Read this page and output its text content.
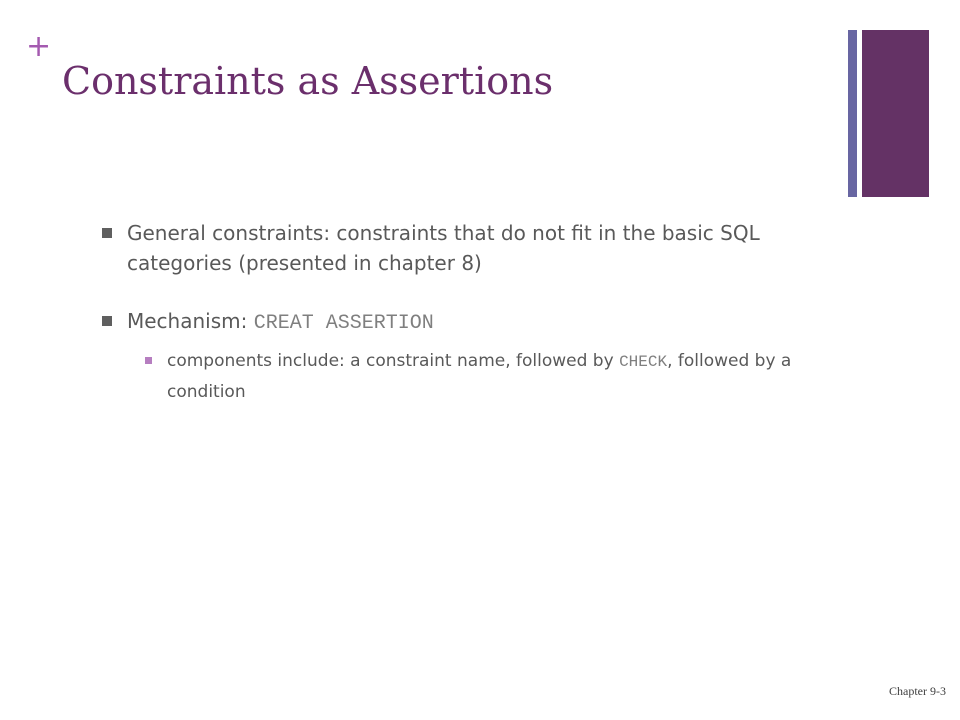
+
Constraints as Assertions
General constraints: constraints that do not fit in the basic SQL categories (presented in chapter 8)
Mechanism: CREAT ASSERTION
components include: a constraint name, followed by CHECK, followed by a condition
Chapter 9-3
